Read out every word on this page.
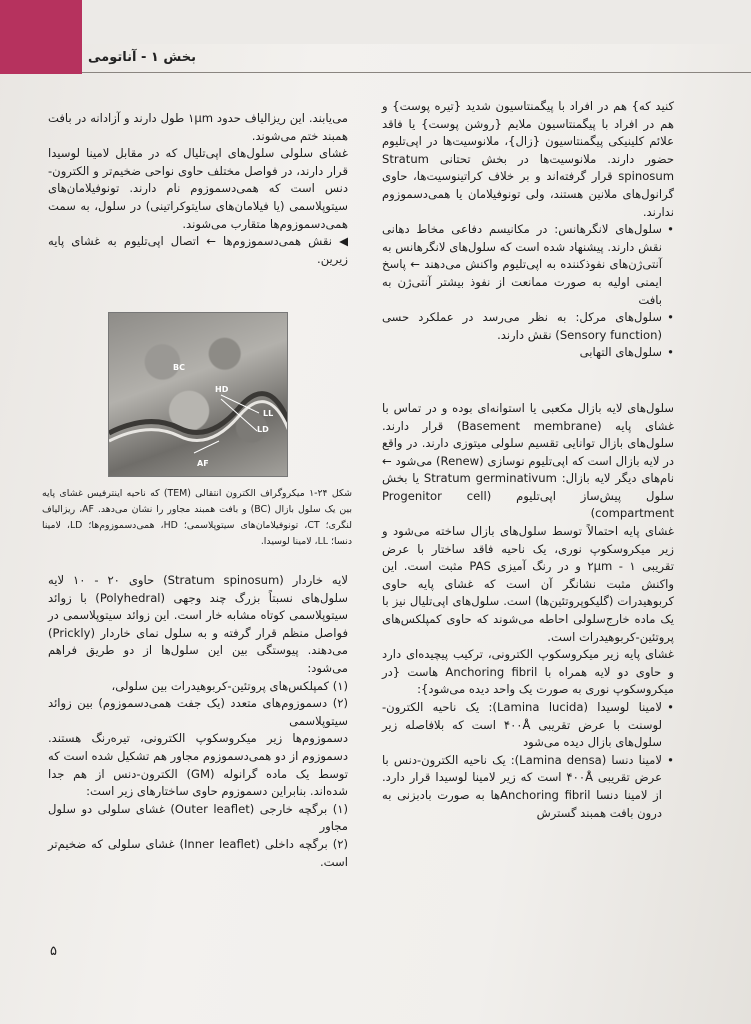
بخش ۱ - آناتومی

کنید که} هم در افراد با پیگمنتاسیون شدید {تیره پوست} و هم در افراد با پیگمنتاسیون ملایم {روشن پوست} یا فاقد علائم کلینیکی پیگمنتاسیون {زال}، ملانوسیت‌ها در اپی‌تلیوم حضور دارند. ملانوسیت‌ها در بخش تحتانی Stratum spinosum قرار گرفته‌اند و بر خلاف کراتینوسیت‌ها، حاوی گرانول‌های ملانین هستند، ولی تونوفیلامان یا همی‌دسموزوم ندارند.

• سلول‌های لانگرهانس: در مکانیسم دفاعی مخاط دهانی نقش دارند. پیشنهاد شده است که سلول‌های لانگرهانس به آنتی‌ژن‌های نفوذکننده به اپی‌تلیوم واکنش می‌دهند ← پاسخ ایمنی اولیه به صورت ممانعت از نفوذ بیشتر آنتی‌ژن به بافت

• سلول‌های مرکل: به نظر می‌رسد در عملکرد حسی (Sensory function) نقش دارند.

• سلول‌های التهابی

سلول‌های لایه بازال مکعبی یا استوانه‌ای بوده و در تماس با غشای پایه (Basement membrane) قرار دارند. سلول‌های بازال توانایی تقسیم سلولی میتوزی دارند. در واقع در لایه بازال است که اپی‌تلیوم نوسازی (Renew) می‌شود ← نام‌های دیگر لایه بازال: Stratum germinativum یا بخش سلول پیش‌ساز اپی‌تلیوم (Progenitor cell compartment)

غشای پایه احتمالاً توسط سلول‌های بازال ساخته می‌شود و زیر میکروسکوپ نوری، یک ناحیه فاقد ساختار با عرض تقریبی ۲μm - ۱ و در رنگ آمیزی PAS مثبت است. این واکنش مثبت نشانگر آن است که غشای پایه حاوی کربوهیدرات (گلیکوپروتئین‌ها) است. سلول‌های اپی‌تلیال نیز با یک ماده خارج‌سلولی احاطه می‌شوند که حاوی کمپلکس‌های پروتئین-کربوهیدرات است.

غشای پایه زیر میکروسکوپ الکترونی، ترکیب پیچیده‌ای دارد و حاوی دو لایه همراه با Anchoring fibril هاست {در میکروسکوپ نوری به صورت یک واحد دیده می‌شود}:

• لامینا لوسیدا (Lamina lucida): یک ناحیه الکترون-لوسنت با عرض تقریبی ۴۰۰Å است که بلافاصله زیر سلول‌های بازال دیده می‌شود

• لامینا دنسا (Lamina densa): یک ناحیه الکترون-دنس با عرض تقریبی ۴۰۰Å است که زیر لامینا لوسیدا قرار دارد. از لامینا دنسا Anchoring fibril‌ها به صورت بادبزنی به درون بافت همبند گسترش

می‌یابند. این ریزالیاف حدود ۱μm طول دارند و آزادانه در بافت همبند ختم می‌شوند.

غشای سلولی سلول‌های اپی‌تلیال که در مقابل لامینا لوسیدا قرار دارند، در فواصل مختلف حاوی نواحی ضخیم‌تر و الکترون- دنس است که همی‌دسموزوم نام دارند. تونوفیلامان‌های سیتوپلاسمی (یا فیلامان‌های سایتوکراتینی) در سلول، به سمت همی‌دسموزوم‌ها متقارب می‌شوند.

◀ نقش همی‌دسموزوم‌ها ← اتصال اپی‌تلیوم به غشای پایه زیرین.

BC
HD
LL
LD
AF
شکل ۲۴-۱ میکروگراف الکترون انتقالی (TEM) که ناحیه اینترفیس غشای پایه بین یک سلول بازال (BC) و بافت همبند مجاور را نشان می‌دهد. AF، ریزالیاف لنگری؛ CT، تونوفیلامان‌های سیتوپلاسمی؛ HD، همی‌دسموزوم‌ها؛ LD، لامینا دنسا؛ LL، لامینا لوسیدا.

لایه خاردار (Stratum spinosum) حاوی ۲۰ - ۱۰ لایه سلول‌های نسبتاً بزرگ چند وجهی (Polyhedral) با زوائد سیتوپلاسمی کوتاه مشابه خار است. این زوائد سیتوپلاسمی در فواصل منظم قرار گرفته و به سلول نمای خاردار (Prickly) می‌دهند. پیوستگی بین این سلول‌ها از دو طریق فراهم می‌شود:

(۱) کمپلکس‌های پروتئین-کربوهیدرات بین سلولی،

(۲) دسموزوم‌های متعدد (یک جفت همی‌دسموزوم) بین زوائد سیتوپلاسمی

دسموزوم‌ها زیر میکروسکوپ الکترونی، تیره‌رنگ هستند. دسموزوم از دو همی‌دسموزوم مجاور هم تشکیل شده است که توسط یک ماده گرانوله (GM) الکترون-دنس از هم جدا شده‌اند. بنابراین دسموزوم حاوی ساختارهای زیر است:

(۱) برگچه خارجی (Outer leaflet) غشای سلولی دو سلول مجاور

(۲) برگچه داخلی (Inner leaflet) غشای سلولی که ضخیم‌تر است.

۵
